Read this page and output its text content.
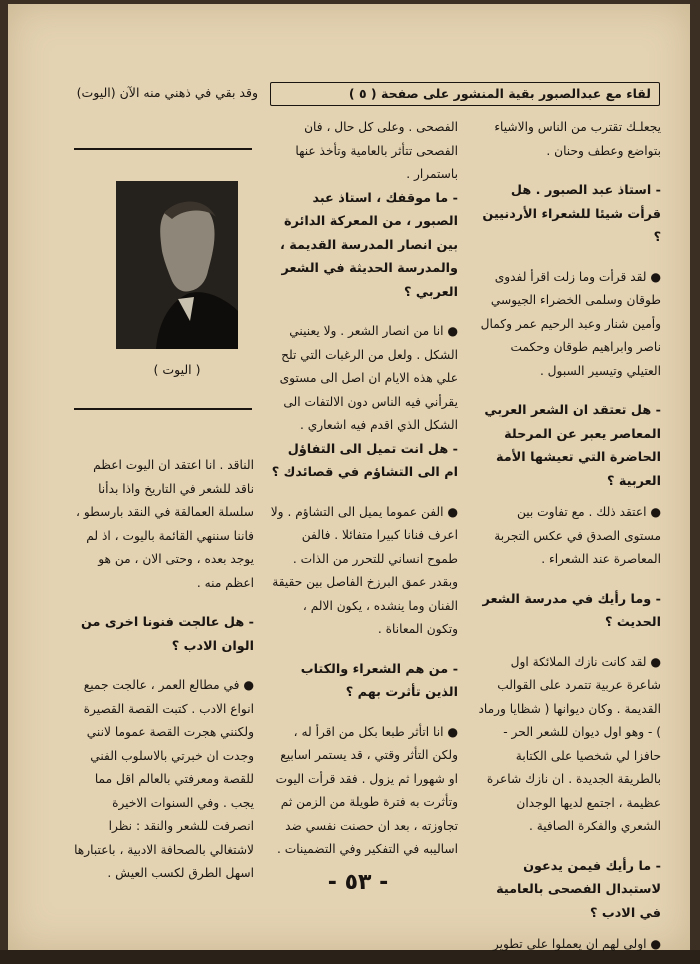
لقاء مع عبدالصبور بقية المنشور على صفحة ( ٥ )
وقد بقي في ذهني منه الآن (اليوت)
( اليوت )

يجعلـك تقترب من الناس والاشياء بتواضع وعطف وحنان .

- استاذ عبد الصبور . هل قرأت شيئا للشعراء الأردنيين ؟

● لقد قرأت وما زلت اقرأ لفدوى طوقان وسلمى الخضراء الجيوسي وأمين شنار وعبد الرحيم عمر وكمال ناصر وابراهيم طوقان وحكمت العتيلي وتيسير السبول .

- هل تعتقد ان الشعر العربي المعاصر يعبر عن المرحلة الحاضرة التي تعيشها الأمة العربية ؟

● اعتقد ذلك . مع تفاوت بين مستوى الصدق في عكس التجربة المعاصرة عند الشعراء .

- وما رأيك في مدرسة الشعر الحديث ؟

● لقد كانت نازك الملائكة اول شاعرة عربية تتمرد على القوالب القديمة . وكان ديوانها ( شظايا ورماد ) - وهو اول ديوان للشعر الحر - حافزا لي شخصيا على الكتابة بالطريقة الجديدة . ان نازك شاعرة عظيمة ، اجتمع لديها الوجدان الشعري والفكرة الصافية .

- ما رأيك فيمن يدعون لاستبدال الفصحى بالعامية في الادب ؟

● اولى لهم ان يعملوا على تطوير

الفصحى . وعلى كل حال ، فان الفصحى تتأثر بالعامية وتأخذ عنها باستمرار .

- ما موقفك ، استاذ عبد الصبور ، من المعركة الدائرة بين انصار المدرسة القديمة ، والمدرسة الحديثة في الشعر العربي ؟

● انا من انصار الشعر . ولا يعنيني الشكل . ولعل من الرغبات التي تلح علي هذه الايام ان اصل الى مستوى يقرأني فيه الناس دون الالتفات الى الشكل الذي اقدم فيه اشعاري .

- هل انت تميل الى التفاؤل ام الى التشاؤم في قصائدك ؟

● الفن عموما يميل الى التشاؤم . ولا اعرف فنانا كبيرا متفائلا . فالفن طموح انساني للتحرر من الذات . وبقدر عمق البرزخ الفاصل بين حقيقة الفنان وما ينشده ، يكون الالم ، وتكون المعاناة .

- من هم الشعراء والكتاب الذين تأثرت بهم ؟

● انا اتأثر طبعا بكل من اقرأ له ، ولكن التأثر وقتي ، قد يستمر اسابيع او شهورا ثم يزول . فقد قرأت اليوت وتأثرت به فترة طويلة من الزمن ثم تجاوزته ، بعد ان حصنت نفسي ضد اساليبه في التفكير وفي التضمينات .

الناقد . انا اعتقد ان اليوت اعظم ناقد للشعر في التاريخ واذا بدأنا سلسلة العمالقة في النقد بارسطو ، فاننا سننهي القائمة باليوت ، اذ لم يوجد بعده ، وحتى الان ، من هو اعظم منه .

- هل عالجت فنونا اخرى من الوان الادب ؟

● في مطالع العمر ، عالجت جميع انواع الادب . كتبت القصة القصيرة ولكنني هجرت القصة عموما لانني وجدت ان خبرتي بالاسلوب الفني للقصة ومعرفتي بالعالم اقل مما يجب . وفي السنوات الاخيرة انصرفت للشعر والنقد : نظرا لاشتغالي بالصحافة الادبية ، باعتبارها اسهل الطرق لكسب العيش .	- ٥٣ -
